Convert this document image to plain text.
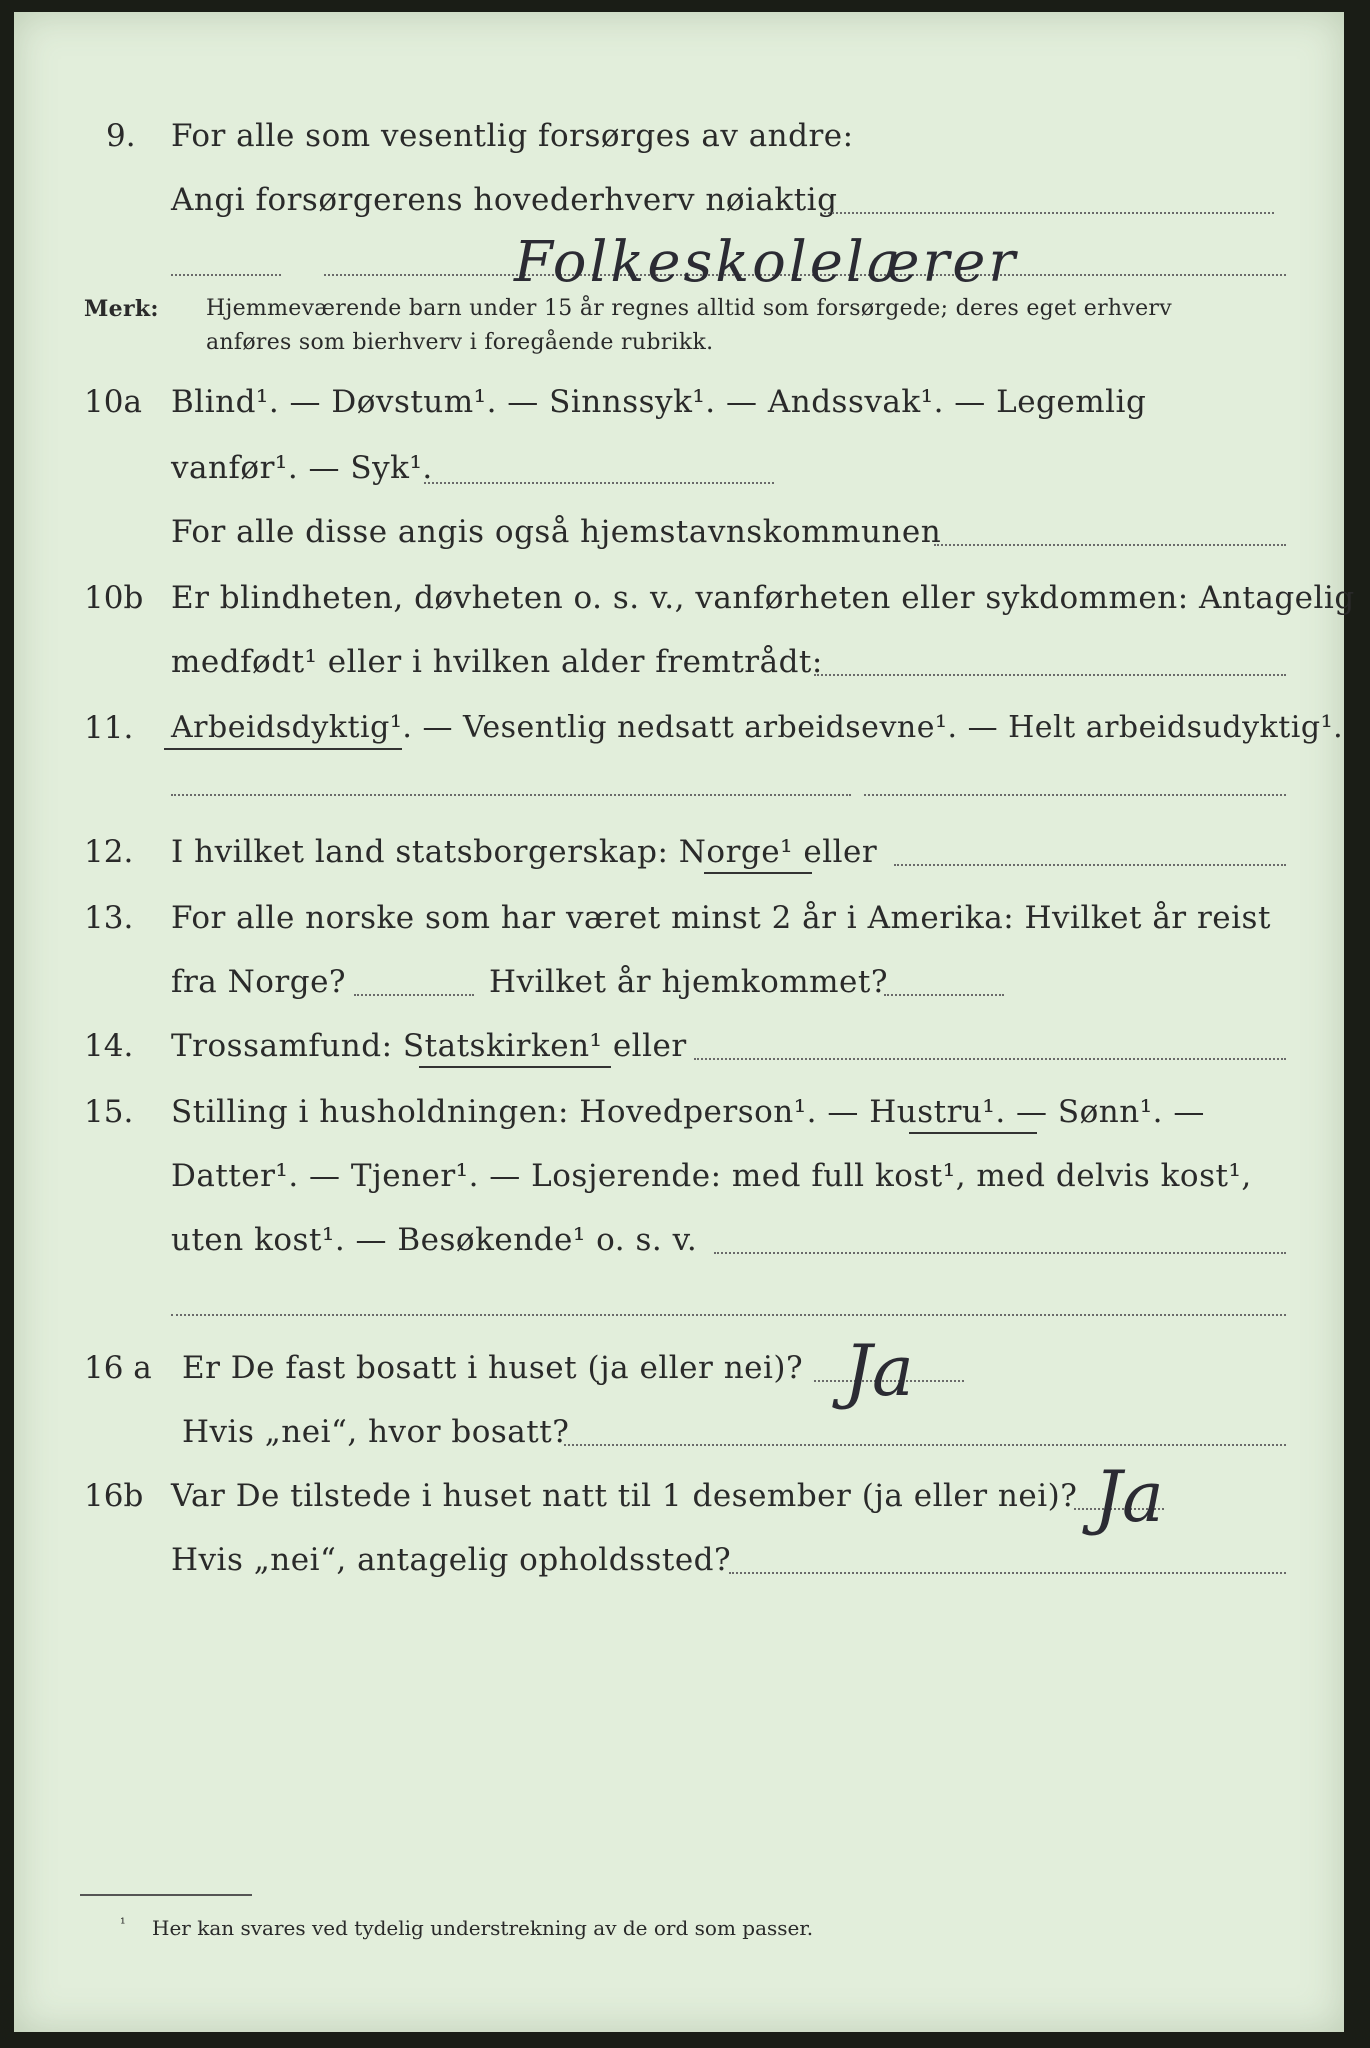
9. For alle som vesentlig forsørges av andre:
Angi forsørgerens hovederhverv nøiaktig
Folkeskolelærer
Merk: Hjemmeværende barn under 15 år regnes alltid som forsørgede; deres eget erhverv
anføres som bierhverv i foregående rubrikk.
10a Blind¹. — Døvstum¹. — Sinnssyk¹. — Andssvak¹. — Legemlig
vanfør¹. — Syk¹.
For alle disse angis også hjemstavnskommunen
10b Er blindheten, døvheten o. s. v., vanførheten eller sykdommen: Antagelig
medfødt¹ eller i hvilken alder fremtrådt:
11. Arbeidsdyktig¹. — Vesentlig nedsatt arbeidsevne¹. — Helt arbeidsudyktig¹.
12. I hvilket land statsborgerskap: Norge¹ eller
13. For alle norske som har været minst 2 år i Amerika: Hvilket år reist
fra Norge?	Hvilket år hjemkommet?
14. Trossamfund: Statskirken¹ eller
15. Stilling i husholdningen: Hovedperson¹. — Hustru¹. — Sønn¹. —
Datter¹. — Tjener¹. — Losjerende: med full kost¹, med delvis kost¹,
uten kost¹. — Besøkende¹ o. s. v.
16 a Er De fast bosatt i huset (ja eller nei)? Ja
Hvis „nei“, hvor bosatt?
16b Var De tilstede i huset natt til 1 desember (ja eller nei)? Ja
Hvis „nei“, antagelig opholdssted?
¹ Her kan svares ved tydelig understrekning av de ord som passer.
